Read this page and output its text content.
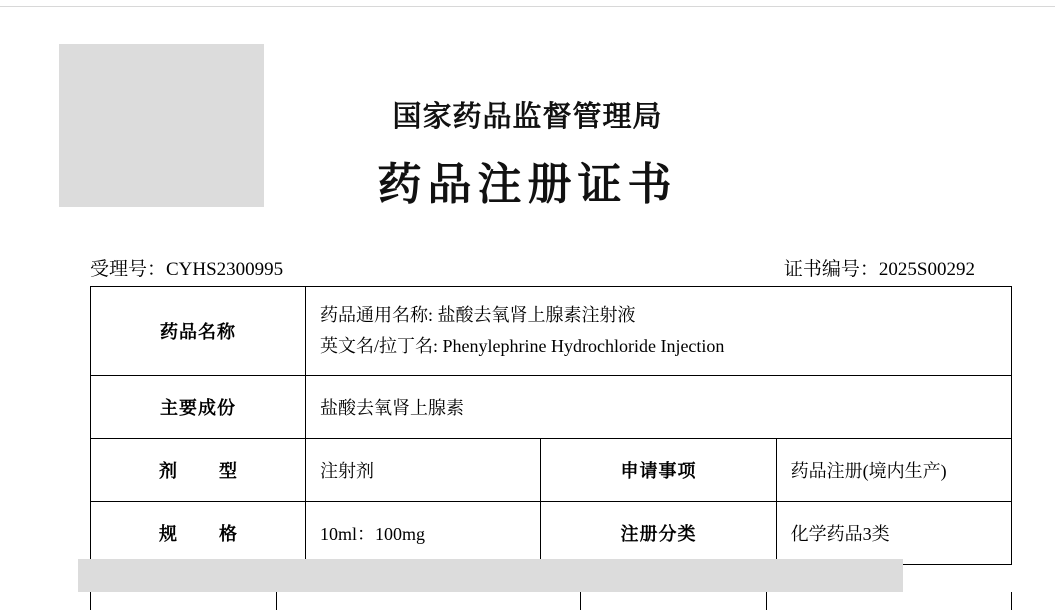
国家药品监督管理局
药品注册证书
受理号：CYHS2300995	证书编号：2025S00292
药品名称	药品通用名称: 盐酸去氧肾上腺素注射液
英文名/拉丁名: Phenylephrine Hydrochloride Injection		

主要成份	盐酸去氧肾上腺素		
剂　型	注射剂	申请事项	药品注册(境内生产)
规　格	10ml：100mg	注册分类	化学药品3类
